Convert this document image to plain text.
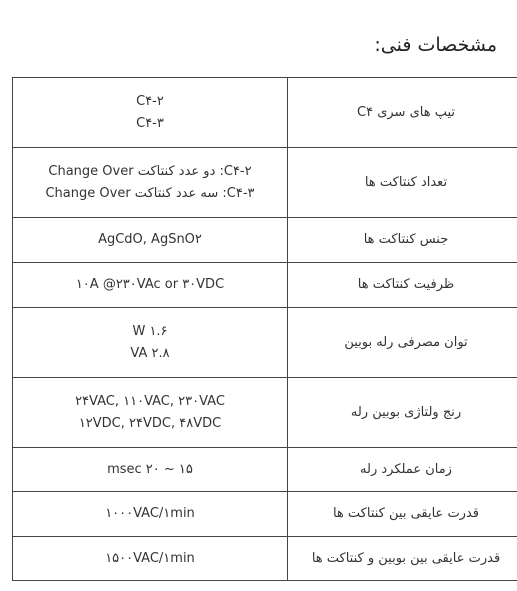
مشخصات فنی:
تیپ های سری C۴	C۴-۲
C۴-۳

تعداد کنتاکت ها	C۴-۲: دو عدد کنتاکت Change Over
C۴-۳: سه عدد کنتاکت Change Over

جنس کنتاکت ها	AgCdO, AgSnO۲

ظرفیت کنتاکت ها	۱۰A @۲۳۰VAc or ۳۰VDC

توان مصرفی رله بوبین	W ۱.۶
VA ۲.۸

رنج ولتاژی بوبین رله	۲۴VAC, ۱۱۰VAC, ۲۳۰VAC
۱۲VDC, ۲۴VDC, ۴۸VDC

زمان عملکرد رله	msec ۲۰ ~ ۱۵

قدرت عایقی بین کنتاکت ها	۱۰۰۰VAC/۱min

قدرت عایقی بین بوبین و کنتاکت ها	۱۵۰۰VAC/۱min
